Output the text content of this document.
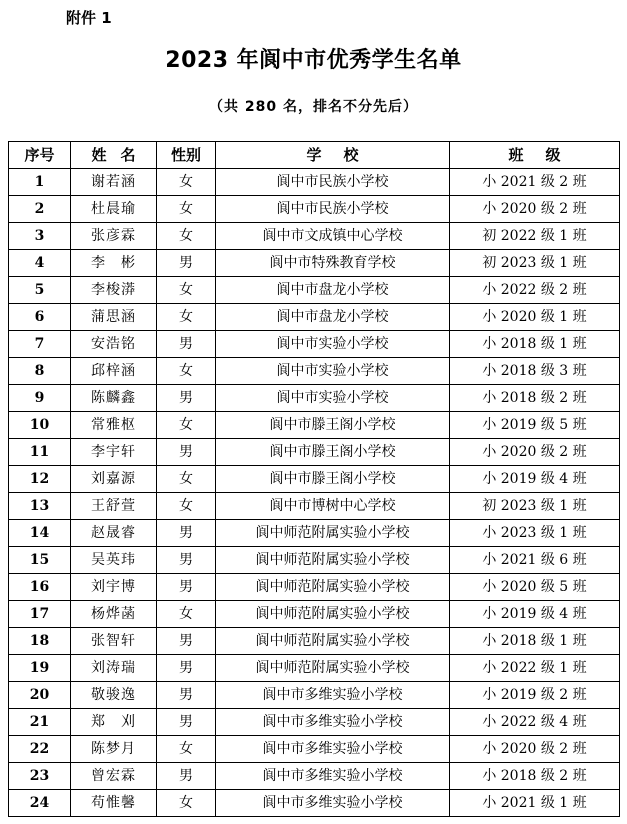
附件 1
2023 年阆中市优秀学生名单
（共 280 名，排名不分先后）
序号	姓名	性别	学校	班级
1	谢若涵	女	阆中市民族小学校	小 2021 级 2 班
2	杜晨瑜	女	阆中市民族小学校	小 2020 级 2 班
3	张彦霖	女	阆中市文成镇中心学校	初 2022 级 1 班
4	李　彬	男	阆中市特殊教育学校	初 2023 级 1 班
5	李梭漭	女	阆中市盘龙小学校	小 2022 级 2 班
6	蒲思涵	女	阆中市盘龙小学校	小 2020 级 1 班
7	安浩铭	男	阆中市实验小学校	小 2018 级 1 班
8	邱梓涵	女	阆中市实验小学校	小 2018 级 3 班
9	陈麟鑫	男	阆中市实验小学校	小 2018 级 2 班
10	常雅枢	女	阆中市滕王阁小学校	小 2019 级 5 班
11	李宇轩	男	阆中市滕王阁小学校	小 2020 级 2 班
12	刘嘉源	女	阆中市滕王阁小学校	小 2019 级 4 班
13	王舒萱	女	阆中市博树中心学校	初 2023 级 1 班
14	赵晟睿	男	阆中师范附属实验小学校	小 2023 级 1 班
15	吴英玮	男	阆中师范附属实验小学校	小 2021 级 6 班
16	刘宇博	男	阆中师范附属实验小学校	小 2020 级 5 班
17	杨烨菡	女	阆中师范附属实验小学校	小 2019 级 4 班
18	张智轩	男	阆中师范附属实验小学校	小 2018 级 1 班
19	刘涛瑞	男	阆中师范附属实验小学校	小 2022 级 1 班
20	敬骏逸	男	阆中市多维实验小学校	小 2019 级 2 班
21	郑　刈	男	阆中市多维实验小学校	小 2022 级 4 班
22	陈梦月	女	阆中市多维实验小学校	小 2020 级 2 班
23	曾宏霖	男	阆中市多维实验小学校	小 2018 级 2 班
24	苟惟馨	女	阆中市多维实验小学校	小 2021 级 1 班
